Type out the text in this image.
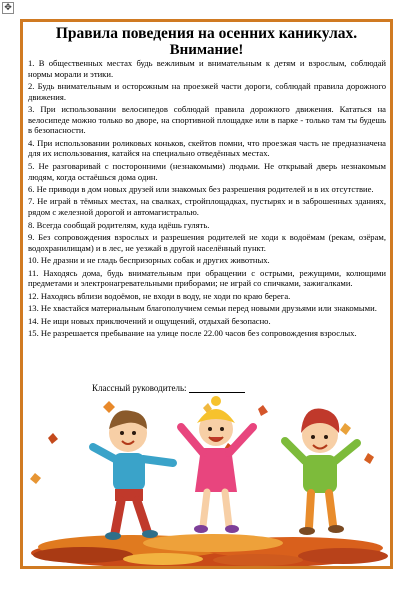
✥
Правила поведения на осенних каникулах.
Внимание!

1. В общественных местах будь вежливым и внимательным к детям и взрослым, соблюдай нормы морали и этики.

2. Будь внимательным и осторожным на проезжей части дороги, соблюдай правила дорожного движения.

3. При использовании велосипедов соблюдай правила дорожного движения. Кататься на велосипеде можно только во дворе, на спортивной площадке или в парке - только там ты будешь в безопасности.

4. При использовании роликовых коньков, скейтов помни, что проезжая часть не предназначена для их использования, катайся на специально отведённых местах.

5. Не разговаривай с посторонними (незнакомыми) людьми. Не открывай дверь незнакомым людям, когда остаёшься дома один.

6. Не приводи в дом новых друзей или знакомых без разрешения родителей и в их отсутствие.

7. Не играй в тёмных местах, на свалках, стройплощадках, пустырях и в заброшенных зданиях, рядом с железной дорогой и автомагистралью.

8. Всегда сообщай родителям, куда идёшь гулять.

9. Без сопровождения взрослых и разрешения родителей не ходи к водоёмам (рекам, озёрам, водохранилищам) и в лес, не уезжай в другой населённый пункт.

10. Не дразни и не гладь беспризорных собак и других животных.

11. Находясь дома, будь внимательным при обращении с острыми, режущими, колющими предметами и электронагревательными приборами; не играй со спичками, зажигалками.

12. Находясь вблизи водоёмов, не входи в воду, не ходи по краю берега.

13. Не хвастайся материальным благополучием семьи перед новыми друзьями или знакомыми.

14. Не ищи новых приключений и ощущений, отдыхай безопасно.

15. Не разрешается пребывание на улице после 22.00 часов без сопровождения взрослых.

Классный руководитель:
